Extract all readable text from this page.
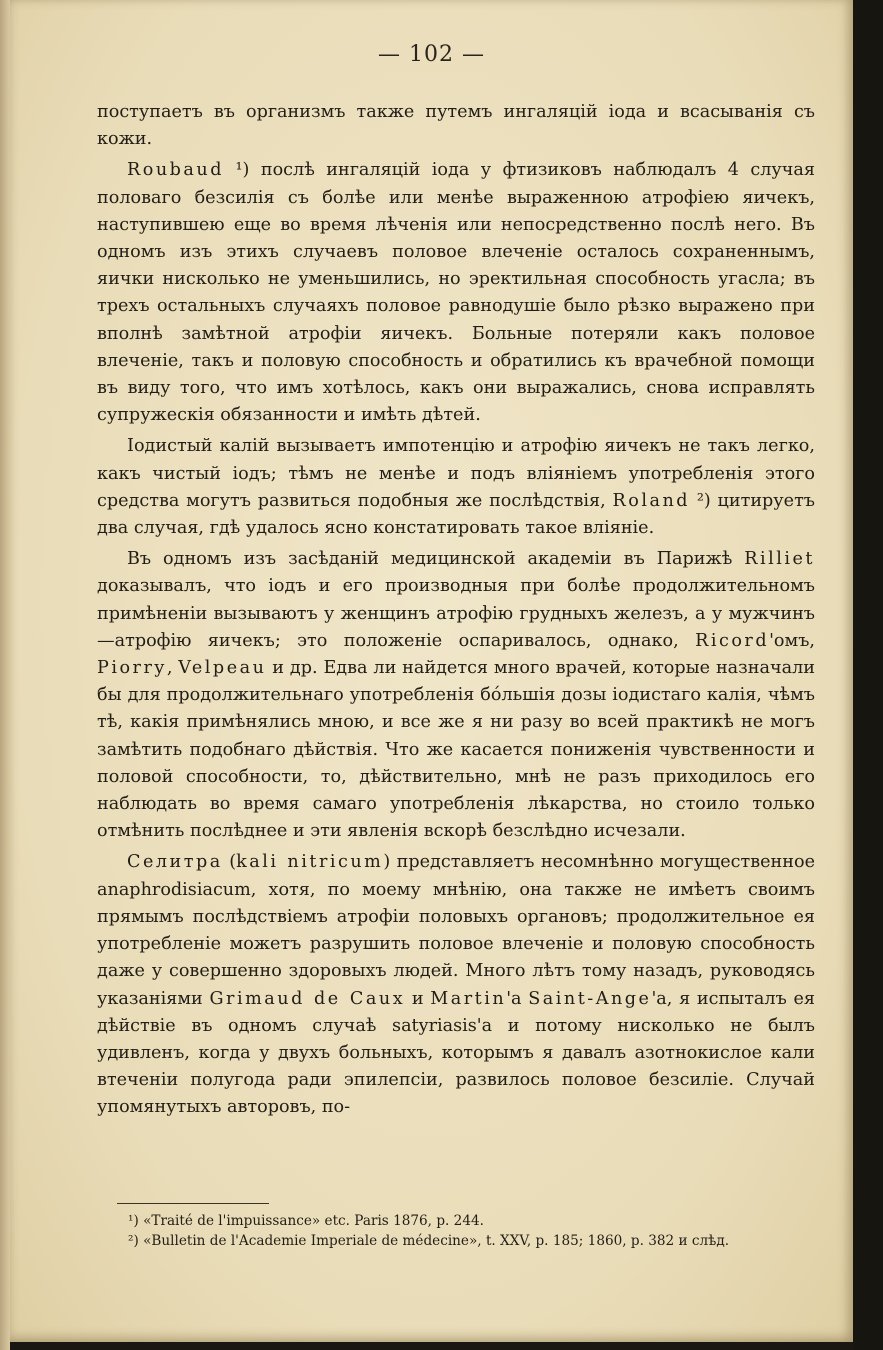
— 102 —

поступаетъ въ организмъ также путемъ ингаляцій іода и всасыванія съ кожи.

Roubaud ¹) послѣ ингаляцій іода у фтизиковъ наблюдалъ 4 случая половаго безсилія съ болѣе или менѣе выраженною атрофіею яичекъ, наступившею еще во время лѣченія или непосредственно послѣ него. Въ одномъ изъ этихъ случаевъ половое влеченіе осталось сохраненнымъ, яички нисколько не уменьшились, но эректильная способность угасла; въ трехъ остальныхъ случаяхъ половое равнодушіе было рѣзко выражено при вполнѣ замѣтной атрофіи яичекъ. Больные потеряли какъ половое влеченіе, такъ и половую способность и обратились къ врачебной помощи въ виду того, что имъ хотѣлось, какъ они выражались, снова исправлять супружескія обязанности и имѣть дѣтей.

Іодистый калій вызываетъ импотенцію и атрофію яичекъ не такъ легко, какъ чистый іодъ; тѣмъ не менѣе и подъ вліяніемъ употребленія этого средства могутъ развиться подобныя же послѣдствія, Roland ²) цитируетъ два случая, гдѣ удалось ясно констатировать такое вліяніе.

Въ одномъ изъ засѣданій медицинской академіи въ Парижѣ Rilliet доказывалъ, что іодъ и его производныя при болѣе продолжительномъ примѣненіи вызываютъ у женщинъ атрофію грудныхъ железъ, а у мужчинъ—атрофію яичекъ; это положеніе оспаривалось, однако, Ricord'омъ, Piorry, Velpeau и др. Едва ли найдется много врачей, которые назначали бы для продолжительнаго употребленія бóльшія дозы іодистаго калія, чѣмъ тѣ, какія примѣнялись мною, и все же я ни разу во всей практикѣ не могъ замѣтить подобнаго дѣйствія. Что же касается пониженія чувственности и половой способности, то, дѣйствительно, мнѣ не разъ приходилось его наблюдать во время самаго употребленія лѣкарства, но стоило только отмѣнить послѣднее и эти явленія вскорѣ безслѣдно исчезали.

Селитра (kali nitricum) представляетъ несомнѣнно могущественное anaphrodisiacum, хотя, по моему мнѣнію, она также не имѣетъ своимъ прямымъ послѣдствіемъ атрофіи половыхъ органовъ; продолжительное ея употребленіе можетъ разрушить половое влеченіе и половую способность даже у совершенно здоровыхъ людей. Много лѣтъ тому назадъ, руководясь указаніями Grimaud de Caux и Martin'а Saint-Ange'а, я испыталъ ея дѣйствіе въ одномъ случаѣ satyriasis'а и потому нисколько не былъ удивленъ, когда у двухъ больныхъ, которымъ я давалъ азотнокислое кали втеченіи полугода ради эпилепсіи, развилось половое безсиліе. Случай упомянутыхъ авторовъ, по-

¹) «Traité de l'impuissance» etc. Paris 1876, p. 244.
²) «Bulletin de l'Academie Imperiale de médecine», t. XXV, p. 185; 1860, p. 382 и слѣд.
